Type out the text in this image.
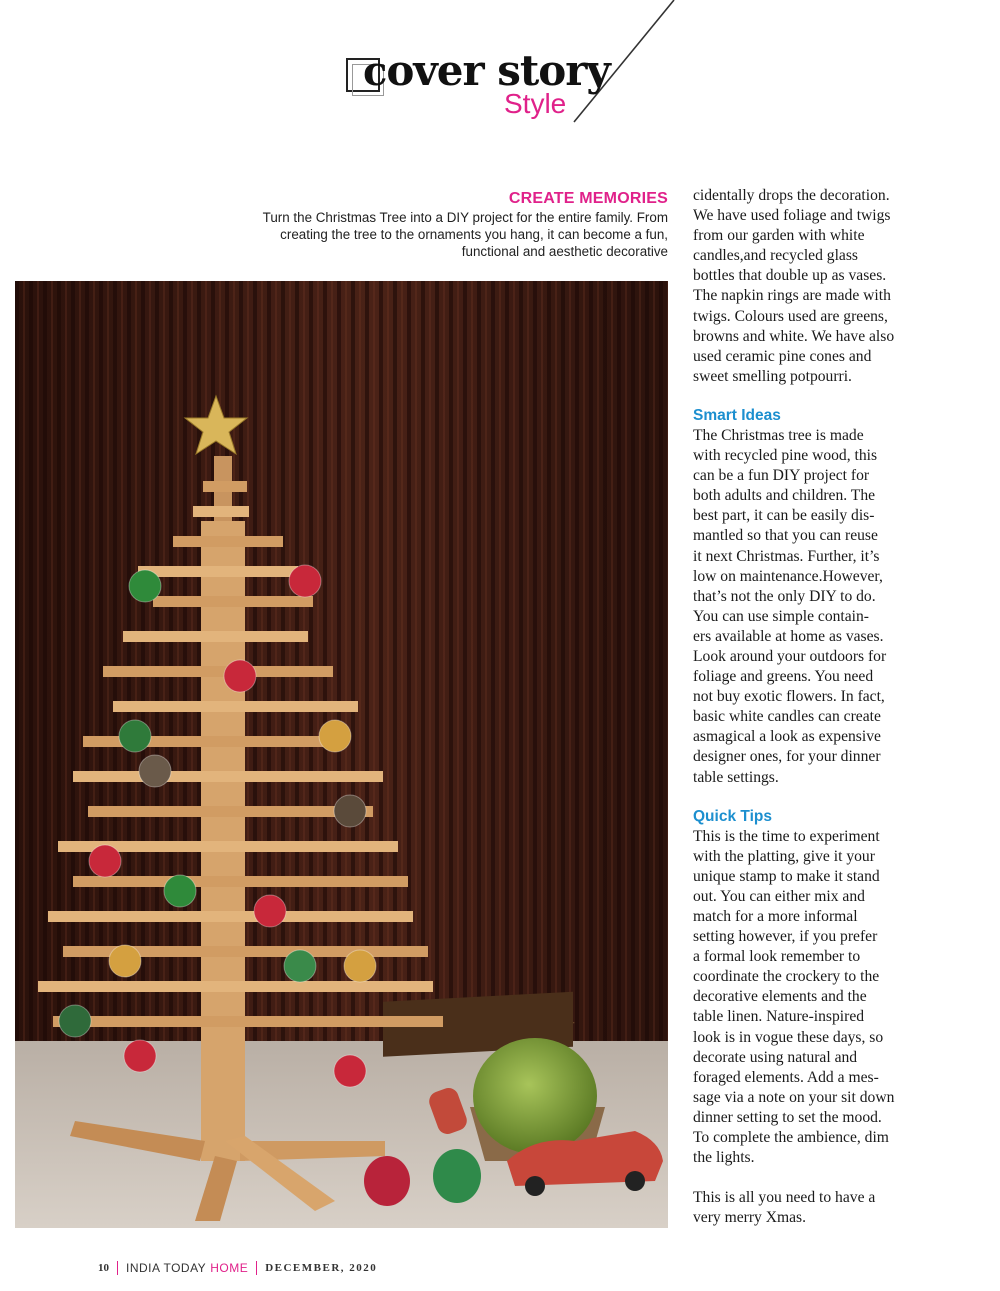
cover story
Style
CREATE MEMORIES
Turn the Christmas Tree into a DIY project for the entire family. From creating the tree to the ornaments you hang, it can become a fun, functional and aesthetic decorative

cidentally drops the decoration.

We have used foliage and twigs

from our garden with white

candles,and recycled glass

bottles that double up as vases.

The napkin rings are made with

twigs. Colours used are greens,

browns and white. We have also

used ceramic pine cones and

sweet smelling potpourri.

Smart Ideas

The Christmas tree is made

with recycled pine wood, this

can be a fun DIY project for

both adults and children. The

best part, it can be easily dis-

mantled so that you can reuse

it next Christmas. Further, it’s

low on maintenance.However,

that’s not the only DIY to do.

You can use simple contain-

ers available at home as vases.

Look around your outdoors for

foliage and greens. You need

not buy exotic flowers. In fact,

basic white candles can create

asmagical a look as expensive

designer ones, for your dinner

table settings.

Quick Tips

This is the time to experiment

with the platting, give it your

unique stamp to make it stand

out. You can either mix and

match for a more informal

setting however, if you prefer

a formal look remember to

coordinate the crockery to the

decorative elements and the

table linen. Nature-inspired

look is in vogue these days, so

decorate using natural and

foraged elements. Add a mes-

sage via a note on your sit down

dinner setting to set the mood.

To complete the ambience, dim

the lights.

This is all you need to have a

very merry Xmas.

10 INDIA TODAY HOME DECEMBER, 2020
